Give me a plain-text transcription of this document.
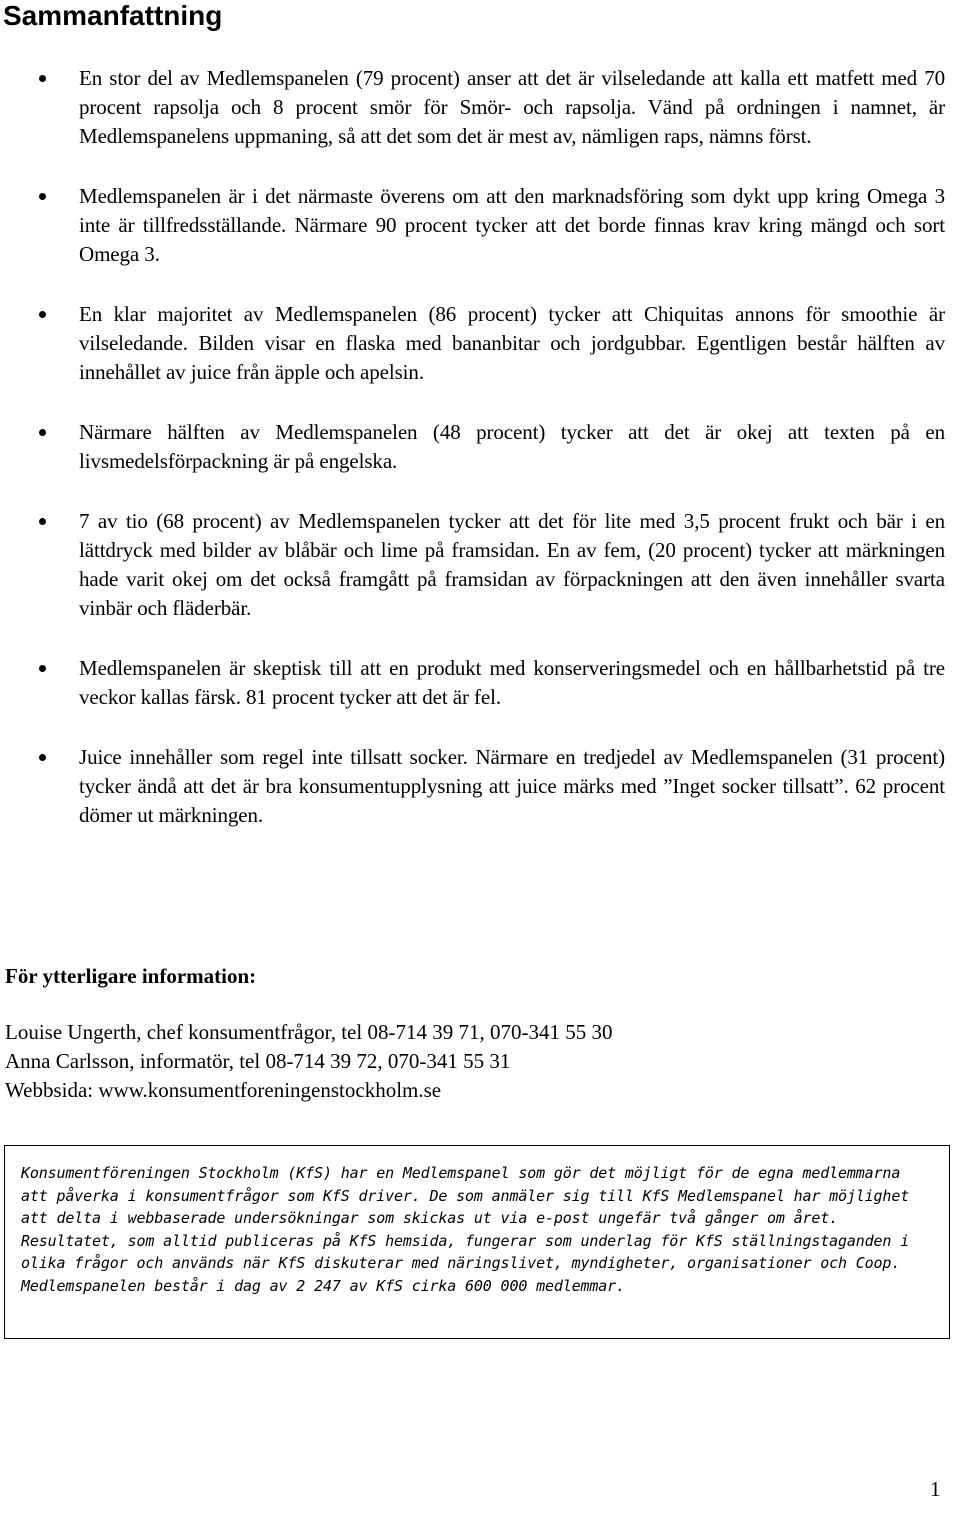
Sammanfattning
En stor del av Medlemspanelen (79 procent) anser att det är vilseledande att kalla ett matfett med 70 procent rapsolja och 8 procent smör för Smör- och rapsolja. Vänd på ordningen i namnet, är Medlemspanelens uppmaning, så att det som det är mest av, nämligen raps, nämns först.
Medlemspanelen är i det närmaste överens om att den marknadsföring som dykt upp kring Omega 3 inte är tillfredsställande. Närmare 90 procent tycker att det borde finnas krav kring mängd och sort Omega 3.
En klar majoritet av Medlemspanelen (86 procent) tycker att Chiquitas annons för smoothie är vilseledande. Bilden visar en flaska med bananbitar och jordgubbar. Egentligen består hälften av innehållet av juice från äpple och apelsin.
Närmare hälften av Medlemspanelen (48 procent) tycker att det är okej att texten på en livsmedelsförpackning är på engelska.
7 av tio (68 procent) av Medlemspanelen tycker att det för lite med 3,5 procent frukt och bär i en lättdryck med bilder av blåbär och lime på framsidan. En av fem, (20 procent) tycker att märkningen hade varit okej om det också framgått på framsidan av förpackningen att den även innehåller svarta vinbär och fläderbär.
Medlemspanelen är skeptisk till att en produkt med konserveringsmedel och en hållbarhetstid på tre veckor kallas färsk. 81 procent tycker att det är fel.
Juice innehåller som regel inte tillsatt socker. Närmare en tredjedel av Medlemspanelen (31 procent) tycker ändå att det är bra konsumentupplysning att juice märks med ”Inget socker tillsatt”. 62 procent dömer ut märkningen.
För ytterligare information:
Louise Ungerth, chef konsumentfrågor, tel 08-714 39 71, 070-341 55 30
Anna Carlsson, informatör, tel 08-714 39 72, 070-341 55 31
Webbsida: www.konsumentforeningenstockholm.se
Konsumentföreningen Stockholm (KfS) har en Medlemspanel som gör det möjligt för de egna medlemmarna att påverka i konsumentfrågor som KfS driver. De som anmäler sig till KfS Medlemspanel har möjlighet att delta i webbaserade undersökningar som skickas ut via e-post ungefär två gånger om året. Resultatet, som alltid publiceras på KfS hemsida, fungerar som underlag för KfS ställningstaganden i olika frågor och används när KfS diskuterar med näringslivet, myndigheter, organisationer och Coop. Medlemspanelen består i dag av 2 247 av KfS cirka 600 000 medlemmar.
1
